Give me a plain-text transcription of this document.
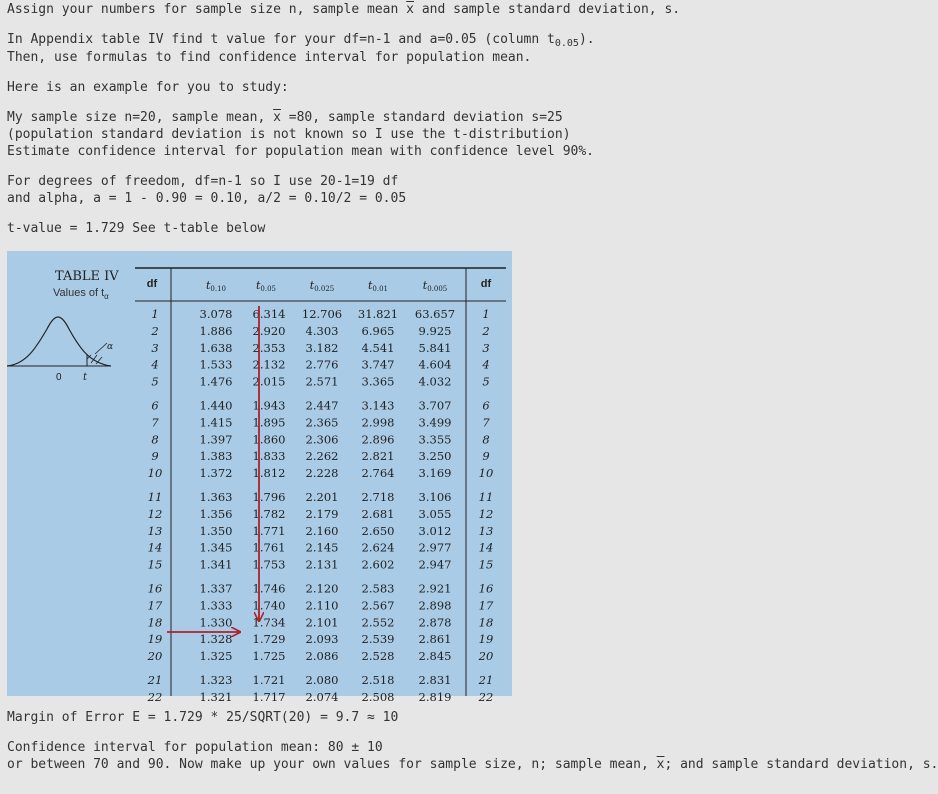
Assign your numbers for sample size n, sample mean $\overline{x}$ and sample standard deviation, s.
In Appendix table IV find t value for your df=n-1 and a=0.05 (column $t_{0.05}$).
Then, use formulas to find confidence interval for population mean.
Here is an example for you to study:
My sample size n=20, sample mean, $\overline{x} =80$, sample standard deviation s=25
(population standard deviation is not known so I use the t-distribution)
Estimate confidence interval for population mean with confidence level 90%.
For degrees of freedom, df=n-1 so I use 20-1=19 df
and alpha, a = 1 - 0.90 = 0.10, a/2 = 0.10/2 = 0.05
t-value = 1.729 See t-table below
TABLE IV
Values of $t_\alpha$
α
0 t
df	df
t0.10	t0.05	t0.025	t0.01	t0.005
1	3.078 6.314 12.706 31.821 63.657 1
2	1.886 2.920 4.303 6.965 9.925	2
3	1.638 2.353 3.182 4.541 5.841	3
4	1.533 2.132 2.776 3.747 4.604	4
5	1.476 2.015 2.571 3.365 4.032	5
6	1.440 1.943 2.447 3.143 3.707	6
7	1.415 1.895 2.365 2.998 3.499	7
8	1.397 1.860 2.306 2.896 3.355	8
9	1.383 1.833 2.262 2.821 3.250	9
10	1.372 1.812 2.228 2.764 3.169 10
11	1.363 1.796 2.201 2.718 3.106 11
12	1.356 1.782 2.179 2.681 3.055 12
13	1.350 1.771 2.160 2.650 3.012 13
14	1.345 1.761 2.145 2.624 2.977 14
15	1.341 1.753 2.131 2.602 2.947 15
16	1.337 1.746 2.120 2.583 2.921 16
17	1.333 1.740 2.110 2.567 2.898 17
18	1.330 1.734 2.101 2.552 2.878 18
19	1.328 1.729 2.093 2.539 2.861 19
20	1.325 1.725 2.086 2.528 2.845 20
21	1.323 1.721 2.080 2.518 2.831 21
22	1.321 1.717 2.074 2.508 2.819 22
Margin of Error E = 1.729 * 25/SQRT(20) = 9.7 ≈ 10
Confidence interval for population mean: 80 ± 10
or between 70 and 90. Now make up your own values for sample size, n; sample mean, $\overline{x}$; and sample standard deviation, s.
